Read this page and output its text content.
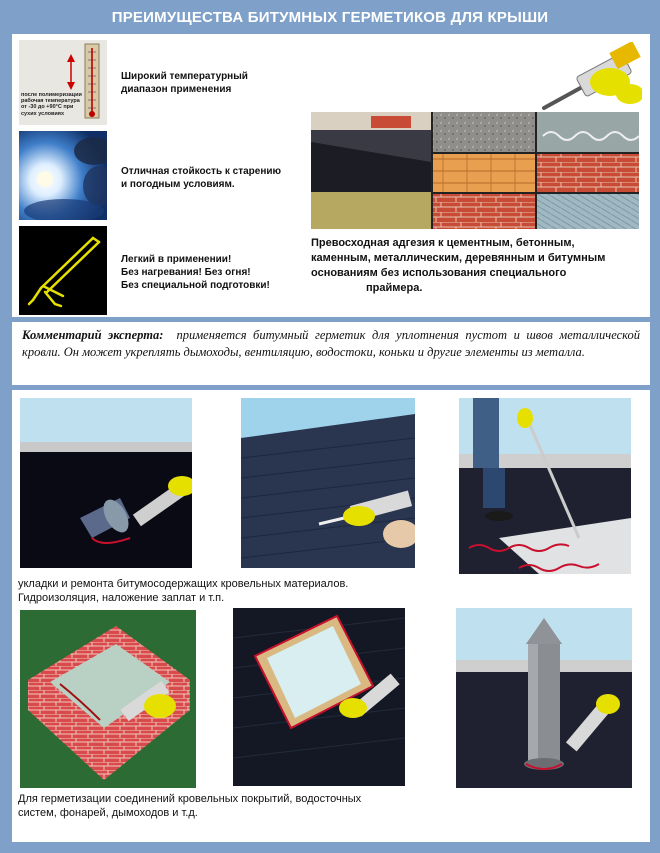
ПРЕИМУЩЕСТВА БИТУМНЫХ ГЕРМЕТИКОВ ДЛЯ КРЫШИ
после полимеризации
рабочая температура
от -30 до +90°С при
сухих условиях
Широкий температурный
диапазон применения
Отличная стойкость к старению
и погодным условиям.
Легкий в применении!
Без нагревания! Без огня!
Без специальной подготовки!
Превосходная адгезия к цементным, бетонным,
каменным, металлическим, деревянным и битумным
основаниям без использования специального
праймера.
Комментарий эксперта: применяется битумный герметик для уплотнения пустот и швов металлической кровли. Он может укреплять дымоходы, вентиляцию, водостоки, коньки и другие элементы из металла.
укладки и ремонта битумосодержащих кровельных материалов.
Гидроизоляция, наложение заплат и т.п.
Для герметизации соединений кровельных покрытий, водосточных
систем, фонарей, дымоходов и т.д.
